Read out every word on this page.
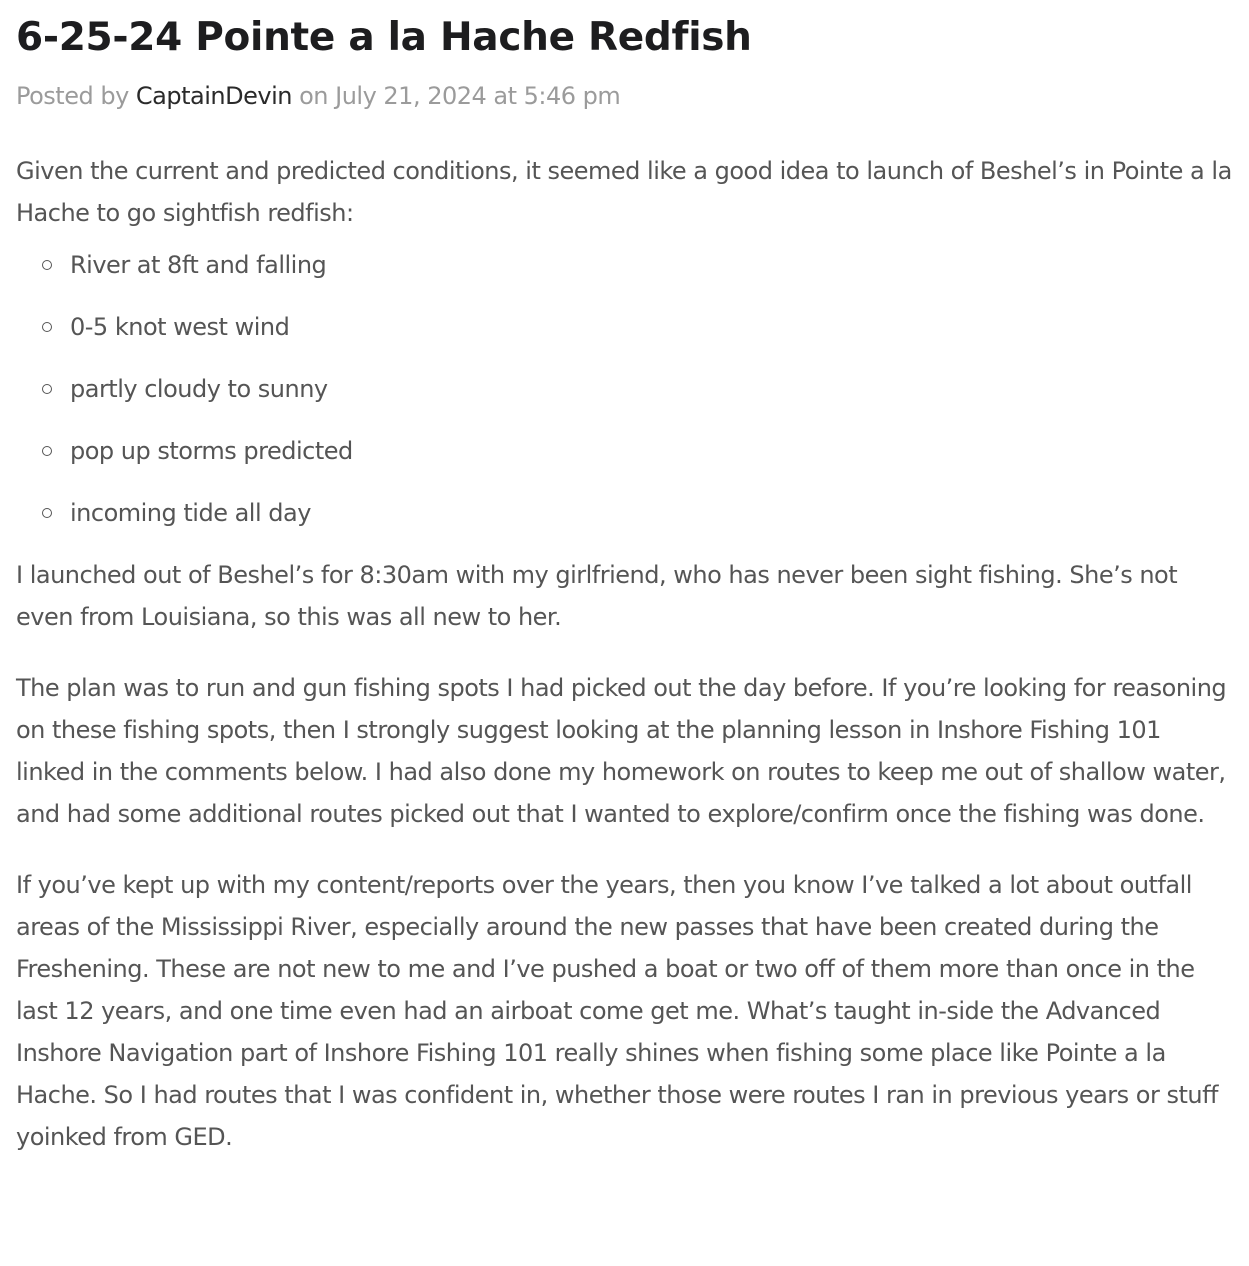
6-25-24 Pointe a la Hache Redfish
Posted by CaptainDevin on July 21, 2024 at 5:46 pm

Given the current and predicted conditions, it seemed like a good idea to launch of Beshel’s in Pointe a la Hache to go sightfish redfish:

River at 8ft and falling
0-5 knot west wind
partly cloudy to sunny
pop up storms predicted
incoming tide all day

I launched out of Beshel’s for 8:30am with my girlfriend, who has never been sight fishing. She’s not even from Louisiana, so this was all new to her.

The plan was to run and gun fishing spots I had picked out the day before. If you’re looking for reasoning on these fishing spots, then I strongly suggest looking at the planning lesson in Inshore Fishing 101 linked in the comments below. I had also done my homework on routes to keep me out of shallow water, and had some additional routes picked out that I wanted to explore/confirm once the fishing was done.

If you’ve kept up with my content/reports over the years, then you know I’ve talked a lot about outfall areas of the Mississippi River, especially around the new passes that have been created during the Freshening. These are not new to me and I’ve pushed a boat or two off of them more than once in the last 12 years, and one time even had an airboat come get me. What’s taught in-side the Advanced Inshore Navigation part of Inshore Fishing 101 really shines when fishing some place like Pointe a la Hache. So I had routes that I was confident in, whether those were routes I ran in previous years or stuff yoinked from GED.
